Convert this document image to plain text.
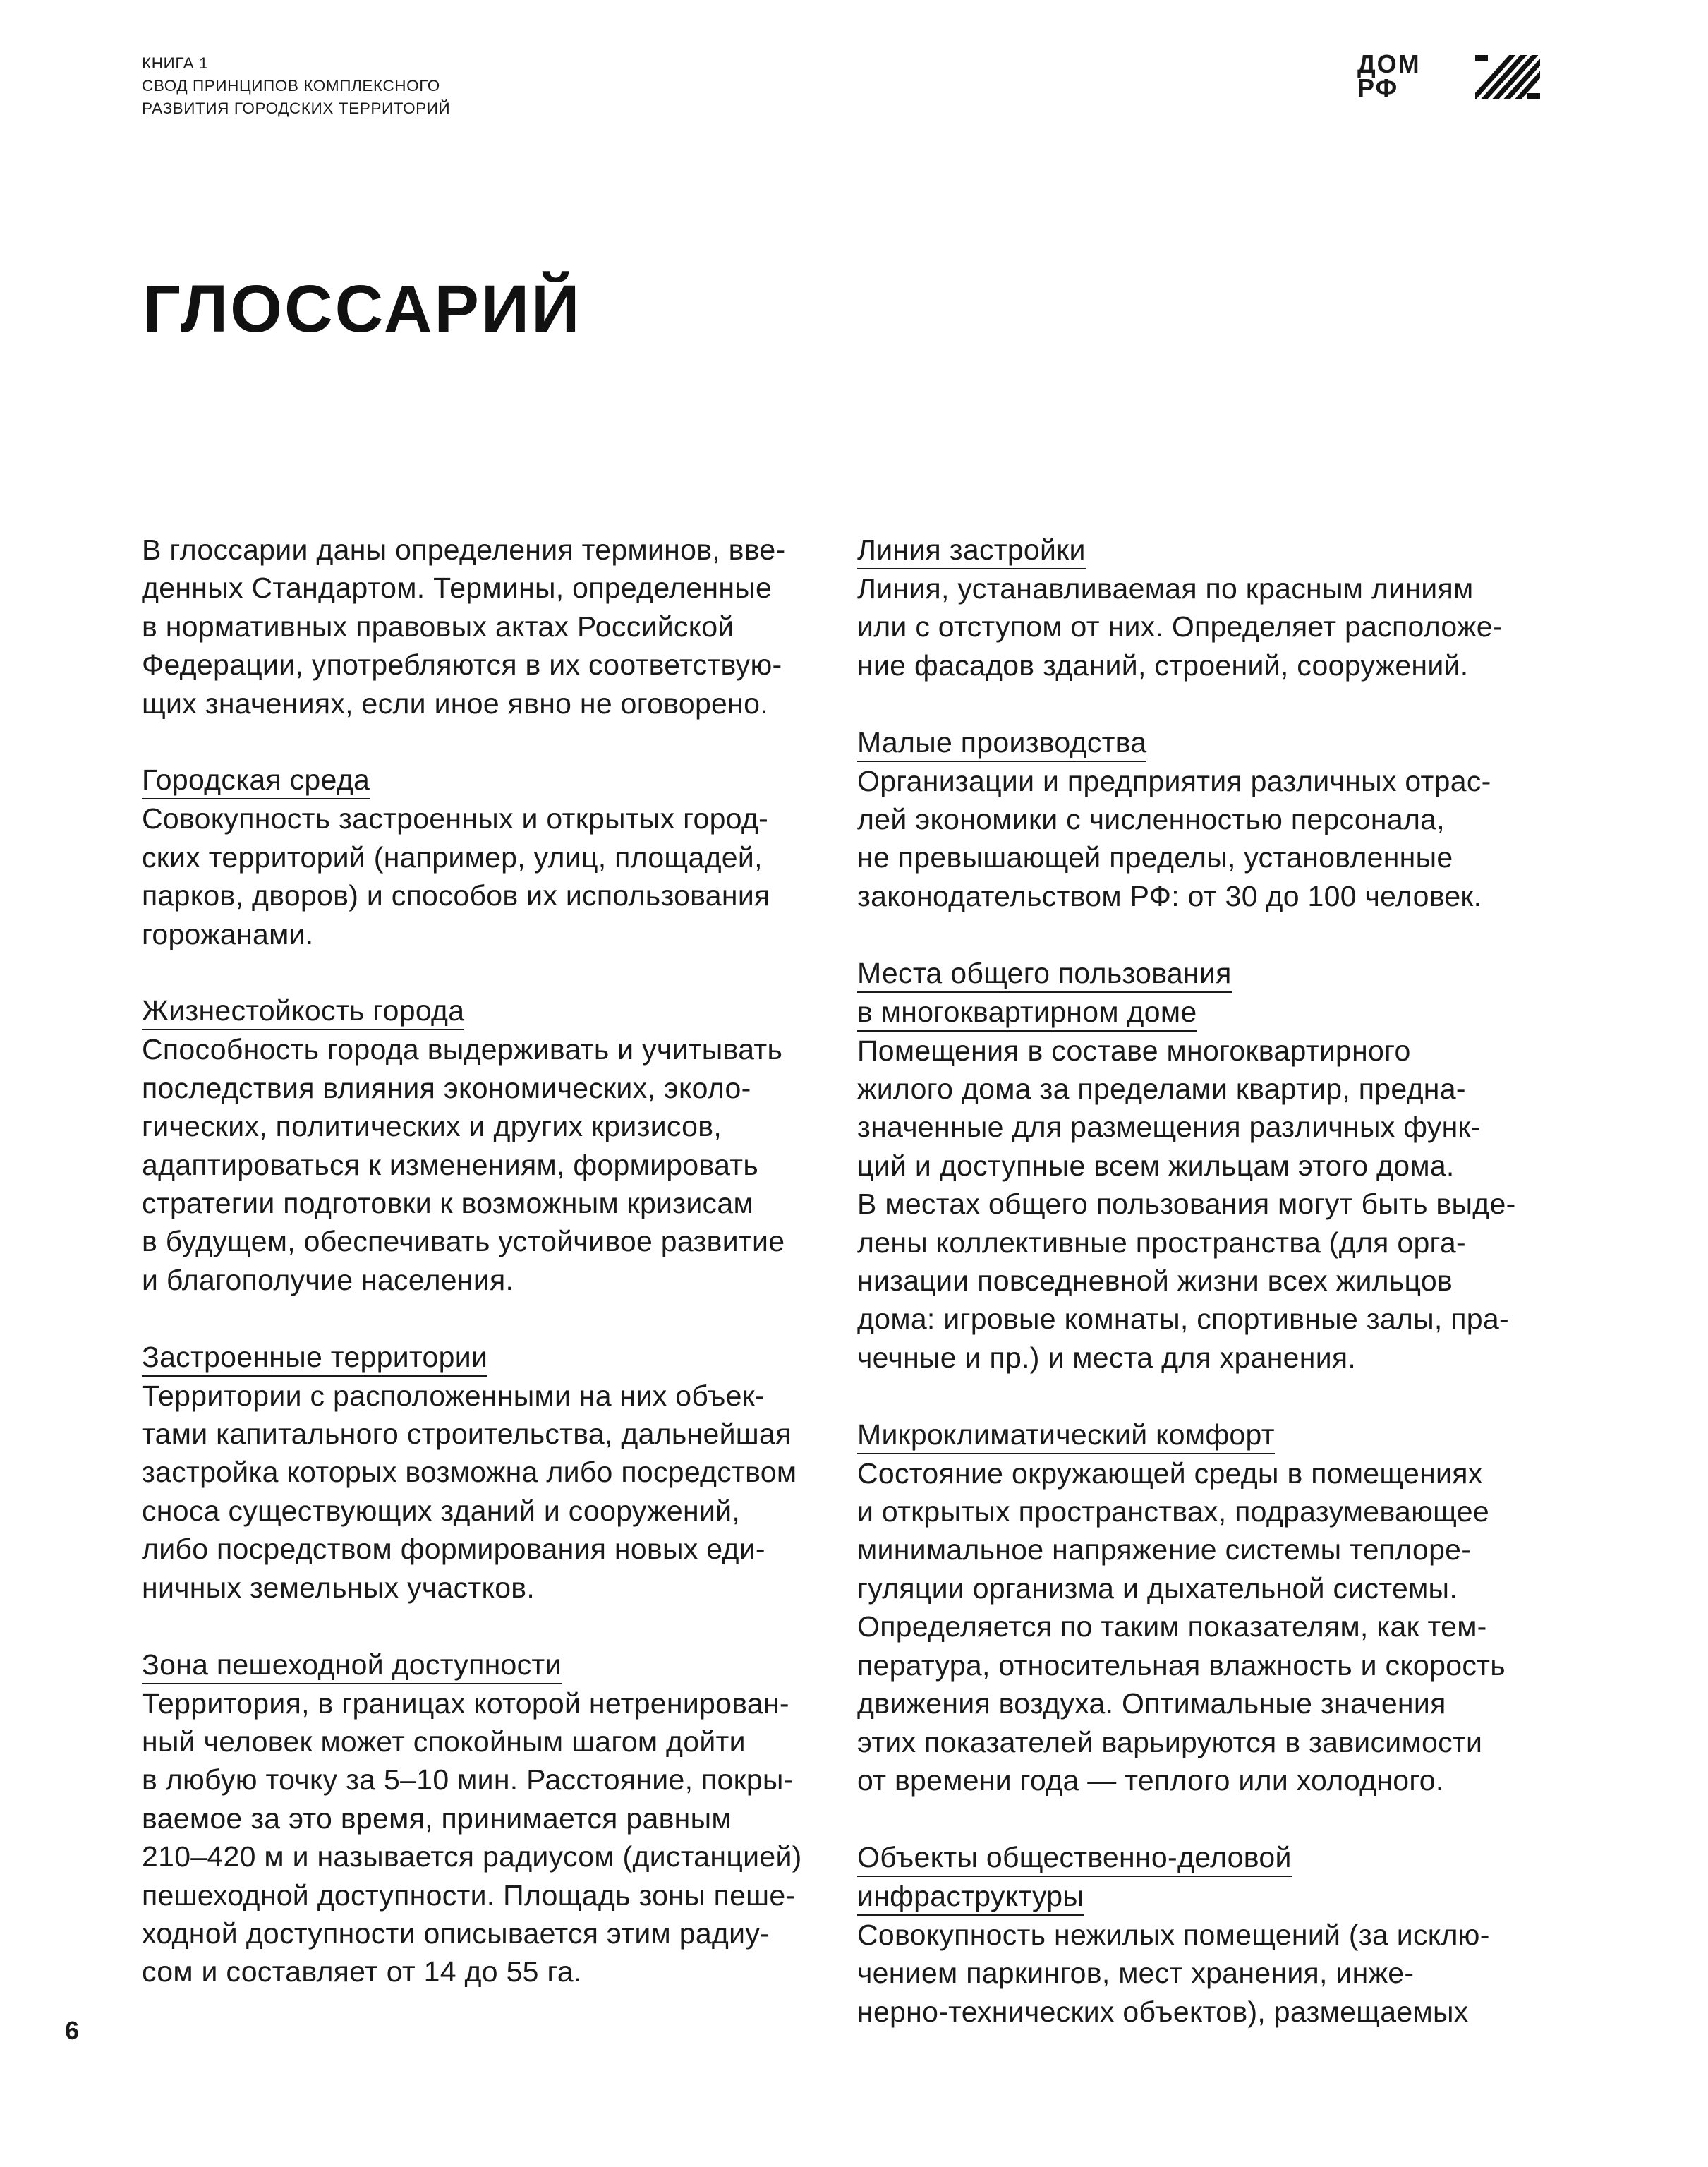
КНИГА 1
СВОД ПРИНЦИПОВ КОМПЛЕКСНОГО
РАЗВИТИЯ ГОРОДСКИХ ТЕРРИТОРИЙ
ДОМ
РФ
ГЛОССАРИЙ
В глоссарии даны определения терминов, вве-
денных Стандартом. Термины, определенные
в нормативных правовых актах Российской
Федерации, употребляются в их соответствую-
щих значениях, если иное явно не оговорено.
Городская среда
Совокупность застроенных и открытых город-
ских территорий (например, улиц, площадей,
парков, дворов) и способов их использования
горожанами.
Жизнестойкость города
Способность города выдерживать и учитывать
последствия влияния экономических, эколо-
гических, политических и других кризисов,
адаптироваться к изменениям, формировать
стратегии подготовки к возможным кризисам
в будущем, обеспечивать устойчивое развитие
и благополучие населения.
Застроенные территории
Территории с расположенными на них объек-
тами капитального строительства, дальнейшая
застройка которых возможна либо посредством
сноса существующих зданий и сооружений,
либо посредством формирования новых еди-
ничных земельных участков.
Зона пешеходной доступности
Территория, в границах которой нетренирован-
ный человек может спокойным шагом дойти
в любую точку за 5–10 мин. Расстояние, покры-
ваемое за это время, принимается равным
210–420 м и называется радиусом (дистанцией)
пешеходной доступности. Площадь зоны пеше-
ходной доступности описывается этим радиу-
сом и составляет от 14 до 55 га.
Линия застройки
Линия, устанавливаемая по красным линиям
или с отступом от них. Определяет расположе-
ние фасадов зданий, строений, сооружений.
Малые производства
Организации и предприятия различных отрас-
лей экономики с численностью персонала,
не превышающей пределы, установленные
законодательством РФ: от 30 до 100 человек.
Места общего пользования
в многоквартирном доме
Помещения в составе многоквартирного
жилого дома за пределами квартир, предна-
значенные для размещения различных функ-
ций и доступные всем жильцам этого дома.
В местах общего пользования могут быть выде-
лены коллективные пространства (для орга-
низации повседневной жизни всех жильцов
дома: игровые комнаты, спортивные залы, пра-
чечные и пр.) и места для хранения.
Микроклиматический комфорт
Состояние окружающей среды в помещениях
и открытых пространствах, подразумевающее
минимальное напряжение системы теплоре-
гуляции организма и дыхательной системы.
Определяется по таким показателям, как тем-
пература, относительная влажность и скорость
движения воздуха. Оптимальные значения
этих показателей варьируются в зависимости
от времени года — теплого или холодного.
Объекты общественно-деловой
инфраструктуры
Совокупность нежилых помещений (за исклю-
чением паркингов, мест хранения, инже-
нерно-технических объектов), размещаемых
6
